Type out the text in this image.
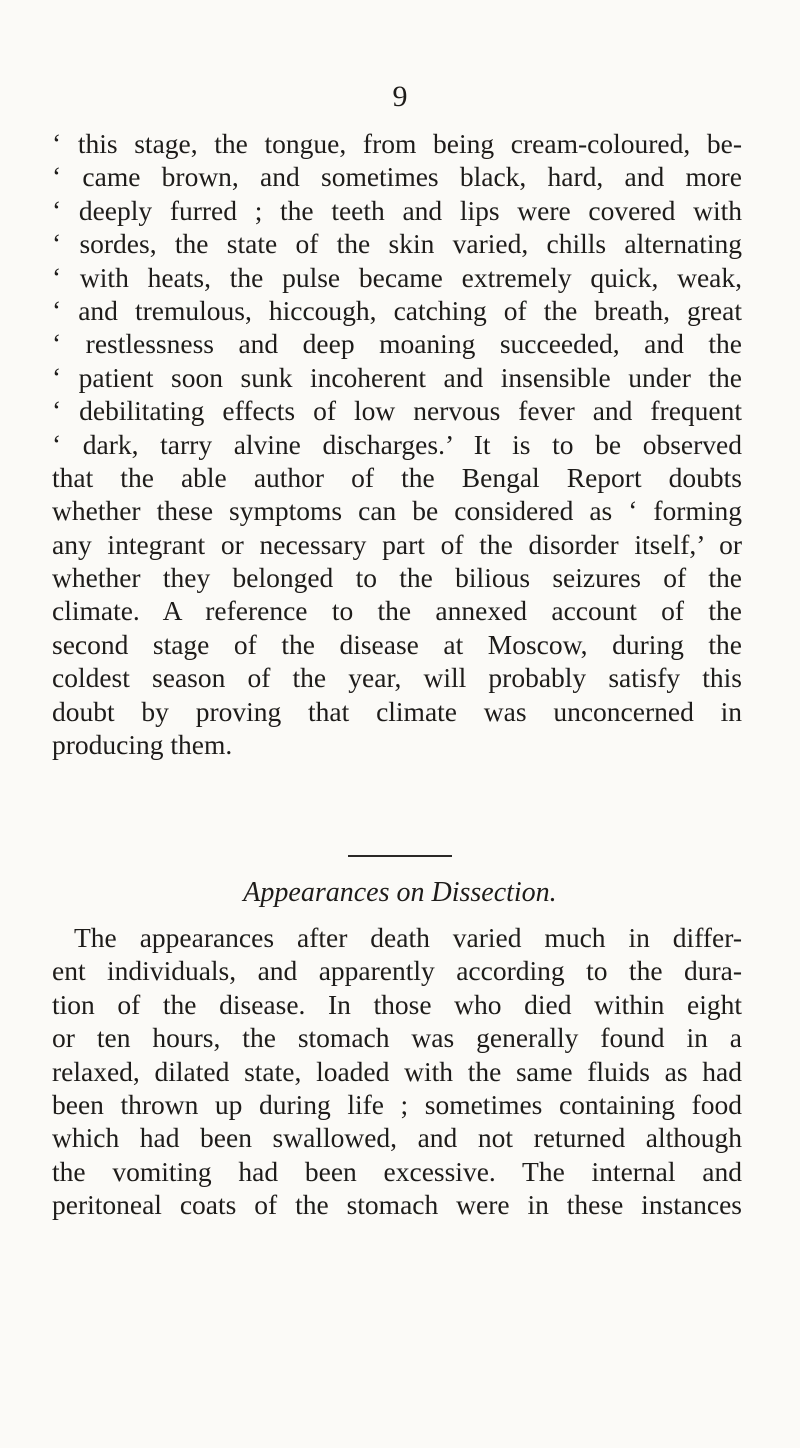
9
‘ this stage, the tongue, from being cream-coloured, be-
‘ came brown, and sometimes black, hard, and more
‘ deeply furred ; the teeth and lips were covered with
‘ sordes, the state of the skin varied, chills alternating
‘ with heats, the pulse became extremely quick, weak,
‘ and tremulous, hiccough, catching of the breath, great
‘ restlessness and deep moaning succeeded, and the
‘ patient soon sunk incoherent and insensible under the
‘ debilitating effects of low nervous fever and frequent
‘ dark, tarry alvine discharges.’ It is to be observed
that the able author of the Bengal Report doubts
whether these symptoms can be considered as ‘ forming
any integrant or necessary part of the disorder itself,’ or
whether they belonged to the bilious seizures of the
climate. A reference to the annexed account of the
second stage of the disease at Moscow, during the
coldest season of the year, will probably satisfy this
doubt by proving that climate was unconcerned in
producing them.
Appearances on Dissection.
The appearances after death varied much in differ-
ent individuals, and apparently according to the dura-
tion of the disease. In those who died within eight
or ten hours, the stomach was generally found in a
relaxed, dilated state, loaded with the same fluids as had
been thrown up during life ; sometimes containing food
which had been swallowed, and not returned although
the vomiting had been excessive. The internal and
peritoneal coats of the stomach were in these instances
